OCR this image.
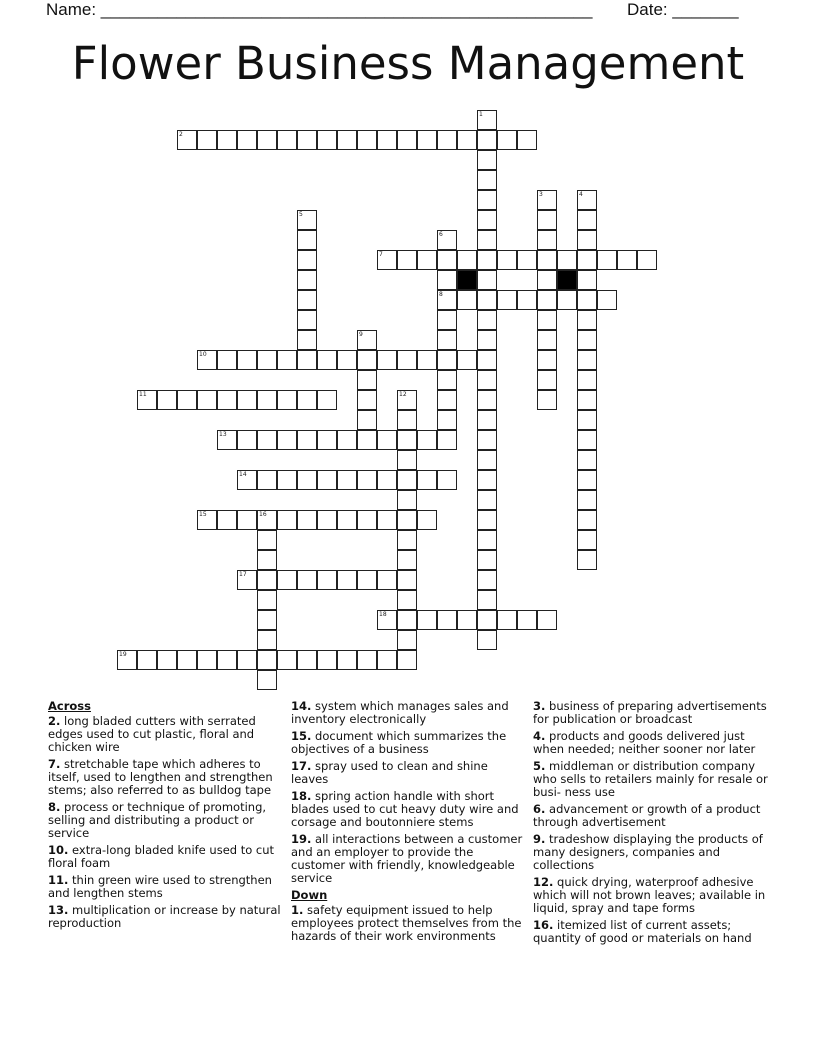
Name: ____________________________________________________ Date: _______
Flower Business Management
1
2
3	4
5
6
8
7
9
10
11	12
13
14
15	16
17
18
19
Across
2. long bladed cutters with serrated edges used to cut plastic, floral and chicken wire
7. stretchable tape which adheres to itself, used to lengthen and strengthen stems; also referred to as bulldog tape
8. process or technique of promoting, selling and distributing a product or service
10. extra-long bladed knife used to cut floral foam
11. thin green wire used to strengthen and lengthen stems
13. multiplication or increase by natural reproduction
14. system which manages sales and inventory electronically
15. document which summarizes the objectives of a business
17. spray used to clean and shine leaves
18. spring action handle with short blades used to cut heavy duty wire and corsage and boutonniere stems
19. all interactions between a customer and an employer to provide the customer with friendly, knowledgeable service
Down
1. safety equipment issued to help employees protect themselves from the hazards of their work environments
3. business of preparing advertisements for publication or broadcast
4. products and goods delivered just when needed; neither sooner nor later
5. middleman or distribution company who sells to retailers mainly for resale or busi- ness use
6. advancement or growth of a product through advertisement
9. tradeshow displaying the products of many designers, companies and collections
12. quick drying, waterproof adhesive which will not brown leaves; available in liquid, spray and tape forms
16. itemized list of current assets; quantity of good or materials on hand
